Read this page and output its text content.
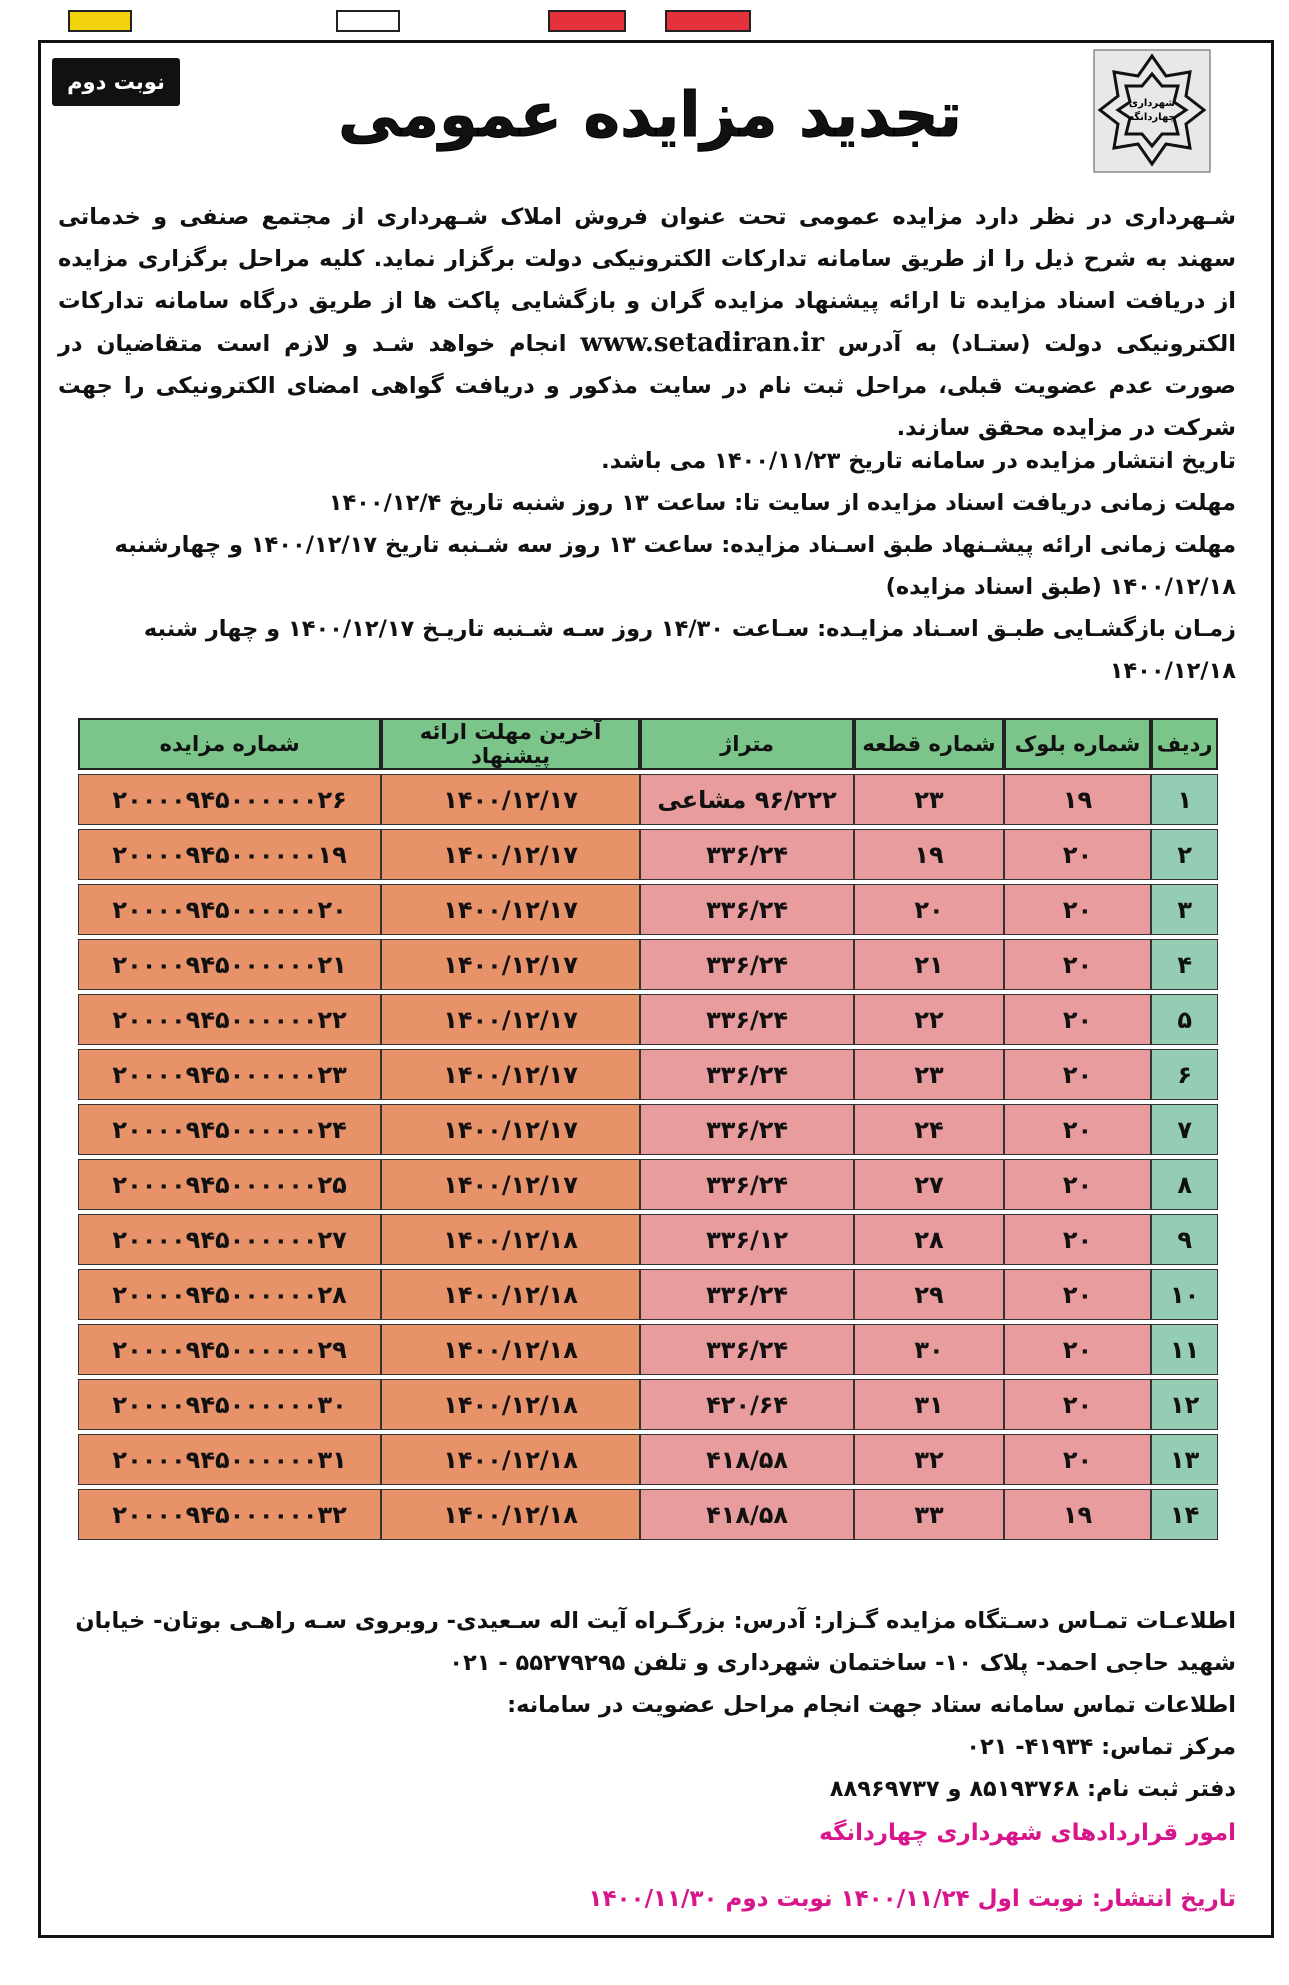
نوبت دوم
شهرداری
چهاردانگه
تجدید مزایده عمومی

شـهرداری در نظر دارد مزایده عمومی تحت عنوان فروش املاک شـهرداری از مجتمع صنفی و خدماتی سهند به شرح ذیل را از طریق سامانه تدارکات الکترونیکی دولت برگزار نماید. کلیه مراحل برگزاری مزایده از دریافت اسناد مزایده تا ارائه پیشنهاد مزایده گران و بازگشایی پاکت ها از طریق درگاه سامانه تدارکات الکترونیکی دولت (ستـاد) به آدرس www.setadiran.ir انجام خواهد شـد و لازم است متقاضیان در صورت عدم عضویت قبلی، مراحل ثبت نام در سایت مذکور و دریافت گواهی امضای الکترونیکی را جهت شرکت در مزایده محقق سازند.

تاریخ انتشار مزایده در سامانه تاریخ ۱۴۰۰/۱۱/۲۳ می باشد.

مهلت زمانی دریافت اسناد مزایده از سایت تا: ساعت ۱۳ روز شنبه تاریخ ۱۴۰۰/۱۲/۴

مهلت زمانی ارائه پیشـنهاد طبق اسـناد مزایده: ساعت ۱۳ روز سه شـنبه تاریخ ۱۴۰۰/۱۲/۱۷ و چهارشنبه ۱۴۰۰/۱۲/۱۸ (طبق اسناد مزایده)

زمـان بازگشـایی طبـق اسـناد مزایـده: سـاعت ۱۴/۳۰ روز سـه شـنبه تاریـخ ۱۴۰۰/۱۲/۱۷ و چهار شنبه ۱۴۰۰/۱۲/۱۸

ردیف	شماره بلوک	شماره قطعه	متراژ	آخرین مهلت ارائه پیشنهاد	شماره مزایده
۱	۱۹	۲۳	۹۶/۲۲۲ مشاعی	۱۴۰۰/۱۲/۱۷	۲۰۰۰۰۹۴۵۰۰۰۰۰۰۲۶
۲	۲۰	۱۹	۳۳۶/۲۴	۱۴۰۰/۱۲/۱۷	۲۰۰۰۰۹۴۵۰۰۰۰۰۰۱۹
۳	۲۰	۲۰	۳۳۶/۲۴	۱۴۰۰/۱۲/۱۷	۲۰۰۰۰۹۴۵۰۰۰۰۰۰۲۰
۴	۲۰	۲۱	۳۳۶/۲۴	۱۴۰۰/۱۲/۱۷	۲۰۰۰۰۹۴۵۰۰۰۰۰۰۲۱
۵	۲۰	۲۲	۳۳۶/۲۴	۱۴۰۰/۱۲/۱۷	۲۰۰۰۰۹۴۵۰۰۰۰۰۰۲۲
۶	۲۰	۲۳	۳۳۶/۲۴	۱۴۰۰/۱۲/۱۷	۲۰۰۰۰۹۴۵۰۰۰۰۰۰۲۳
۷	۲۰	۲۴	۳۳۶/۲۴	۱۴۰۰/۱۲/۱۷	۲۰۰۰۰۹۴۵۰۰۰۰۰۰۲۴
۸	۲۰	۲۷	۳۳۶/۲۴	۱۴۰۰/۱۲/۱۷	۲۰۰۰۰۹۴۵۰۰۰۰۰۰۲۵
۹	۲۰	۲۸	۳۳۶/۱۲	۱۴۰۰/۱۲/۱۸	۲۰۰۰۰۹۴۵۰۰۰۰۰۰۲۷
۱۰	۲۰	۲۹	۳۳۶/۲۴	۱۴۰۰/۱۲/۱۸	۲۰۰۰۰۹۴۵۰۰۰۰۰۰۲۸
۱۱	۲۰	۳۰	۳۳۶/۲۴	۱۴۰۰/۱۲/۱۸	۲۰۰۰۰۹۴۵۰۰۰۰۰۰۲۹
۱۲	۲۰	۳۱	۴۲۰/۶۴	۱۴۰۰/۱۲/۱۸	۲۰۰۰۰۹۴۵۰۰۰۰۰۰۳۰
۱۳	۲۰	۳۲	۴۱۸/۵۸	۱۴۰۰/۱۲/۱۸	۲۰۰۰۰۹۴۵۰۰۰۰۰۰۳۱
۱۴	۱۹	۳۳	۴۱۸/۵۸	۱۴۰۰/۱۲/۱۸	۲۰۰۰۰۹۴۵۰۰۰۰۰۰۳۲

اطلاعـات تمـاس دسـتگاه مزایده گـزار: آدرس: بزرگـراه آیت اله سـعیدی- روبروی سـه راهـی بوتان- خیابان شهید حاجی احمد- پلاک ۱۰- ساختمان شهرداری و تلفن ۵۵۲۷۹۲۹۵ - ۰۲۱

اطلاعات تماس سامانه ستاد جهت انجام مراحل عضویت در سامانه:

مرکز تماس: ۴۱۹۳۴- ۰۲۱

دفتر ثبت نام: ۸۵۱۹۳۷۶۸ و ۸۸۹۶۹۷۳۷

امور قراردادهای شهرداری چهاردانگه
تاریخ انتشار: نوبت اول ۱۴۰۰/۱۱/۲۴ نوبت دوم ۱۴۰۰/۱۱/۳۰
